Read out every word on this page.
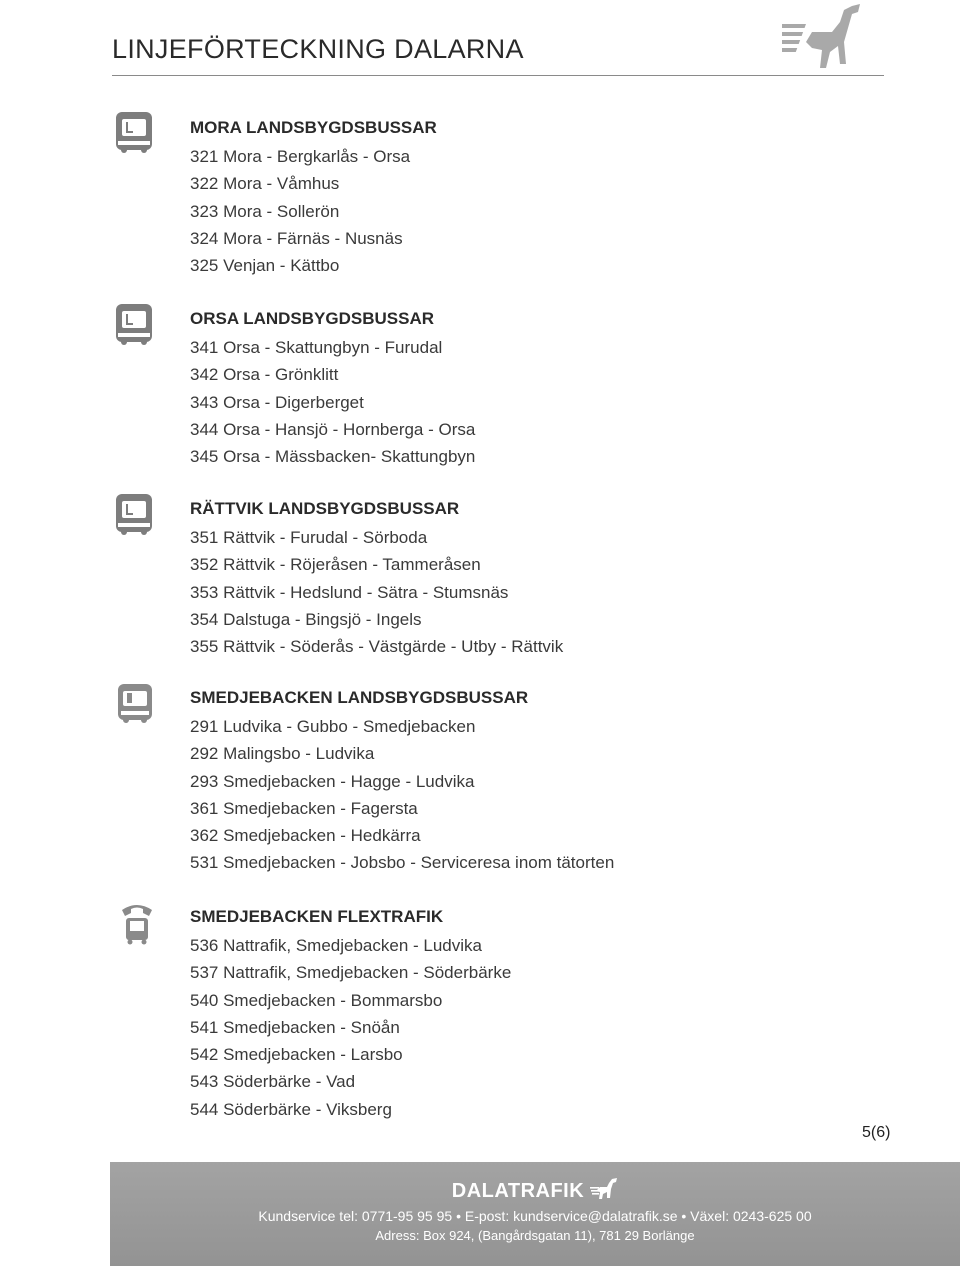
LINJEFÖRTECKNING DALARNA
MORA LANDSBYGDSBUSSAR
321 Mora - Bergkarlås - Orsa
322 Mora - Våmhus
323 Mora - Sollerön
324 Mora - Färnäs - Nusnäs
325 Venjan - Kättbo
ORSA LANDSBYGDSBUSSAR
341 Orsa - Skattungbyn - Furudal
342 Orsa - Grönklitt
343 Orsa - Digerberget
344 Orsa - Hansjö - Hornberga - Orsa
345 Orsa - Mässbacken- Skattungbyn
RÄTTVIK LANDSBYGDSBUSSAR
351 Rättvik - Furudal - Sörboda
352 Rättvik - Röjeråsen - Tammeråsen
353 Rättvik - Hedslund - Sätra - Stumsnäs
354 Dalstuga - Bingsjö - Ingels
355 Rättvik - Söderås - Västgärde - Utby - Rättvik
SMEDJEBACKEN LANDSBYGDSBUSSAR
291 Ludvika - Gubbo - Smedjebacken
292 Malingsbo - Ludvika
293 Smedjebacken - Hagge - Ludvika
361 Smedjebacken - Fagersta
362 Smedjebacken - Hedkärra
531 Smedjebacken - Jobsbo - Serviceresa inom tätorten
SMEDJEBACKEN FLEXTRAFIK
536 Nattrafik, Smedjebacken - Ludvika
537 Nattrafik, Smedjebacken - Söderbärke
540 Smedjebacken - Bommarsbo
541 Smedjebacken - Snöån
542 Smedjebacken - Larsbo
543 Söderbärke - Vad
544 Söderbärke - Viksberg
5(6)
DALATRAFIK
Kundservice tel: 0771-95 95 95 • E-post: kundservice@dalatrafik.se • Växel: 0243-625 00
Adress: Box 924, (Bangårdsgatan 11), 781 29 Borlänge
